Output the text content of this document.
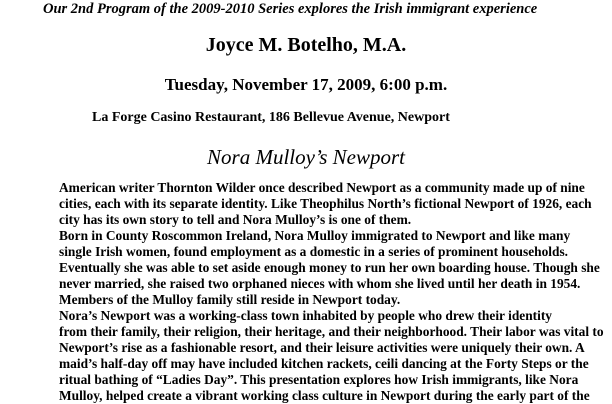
Our 2nd Program of the 2009-2010 Series explores the Irish immigrant experience
Joyce M. Botelho, M.A.
Tuesday, November 17, 2009, 6:00 p.m.
La Forge Casino Restaurant, 186 Bellevue Avenue, Newport
Nora Mulloy’s Newport
American writer Thornton Wilder once described Newport as a community made up of nine
cities, each with its separate identity. Like Theophilus North’s fictional Newport of 1926, each
city has its own story to tell and Nora Mulloy’s is one of them.
Born in County Roscommon Ireland, Nora Mulloy immigrated to Newport and like many
single Irish women, found employment as a domestic in a series of prominent households.
Eventually she was able to set aside enough money to run her own boarding house. Though she
never married, she raised two orphaned nieces with whom she lived until her death in 1954.
Members of the Mulloy family still reside in Newport today.
Nora’s Newport was a working-class town inhabited by people who drew their identity
from their family, their religion, their heritage, and their neighborhood. Their labor was vital to
Newport’s rise as a fashionable resort, and their leisure activities were uniquely their own. A
maid’s half-day off may have included kitchen rackets, ceili dancing at the Forty Steps or the
ritual bathing of “Ladies Day”. This presentation explores how Irish immigrants, like Nora
Mulloy, helped create a vibrant working class culture in Newport during the early part of the
